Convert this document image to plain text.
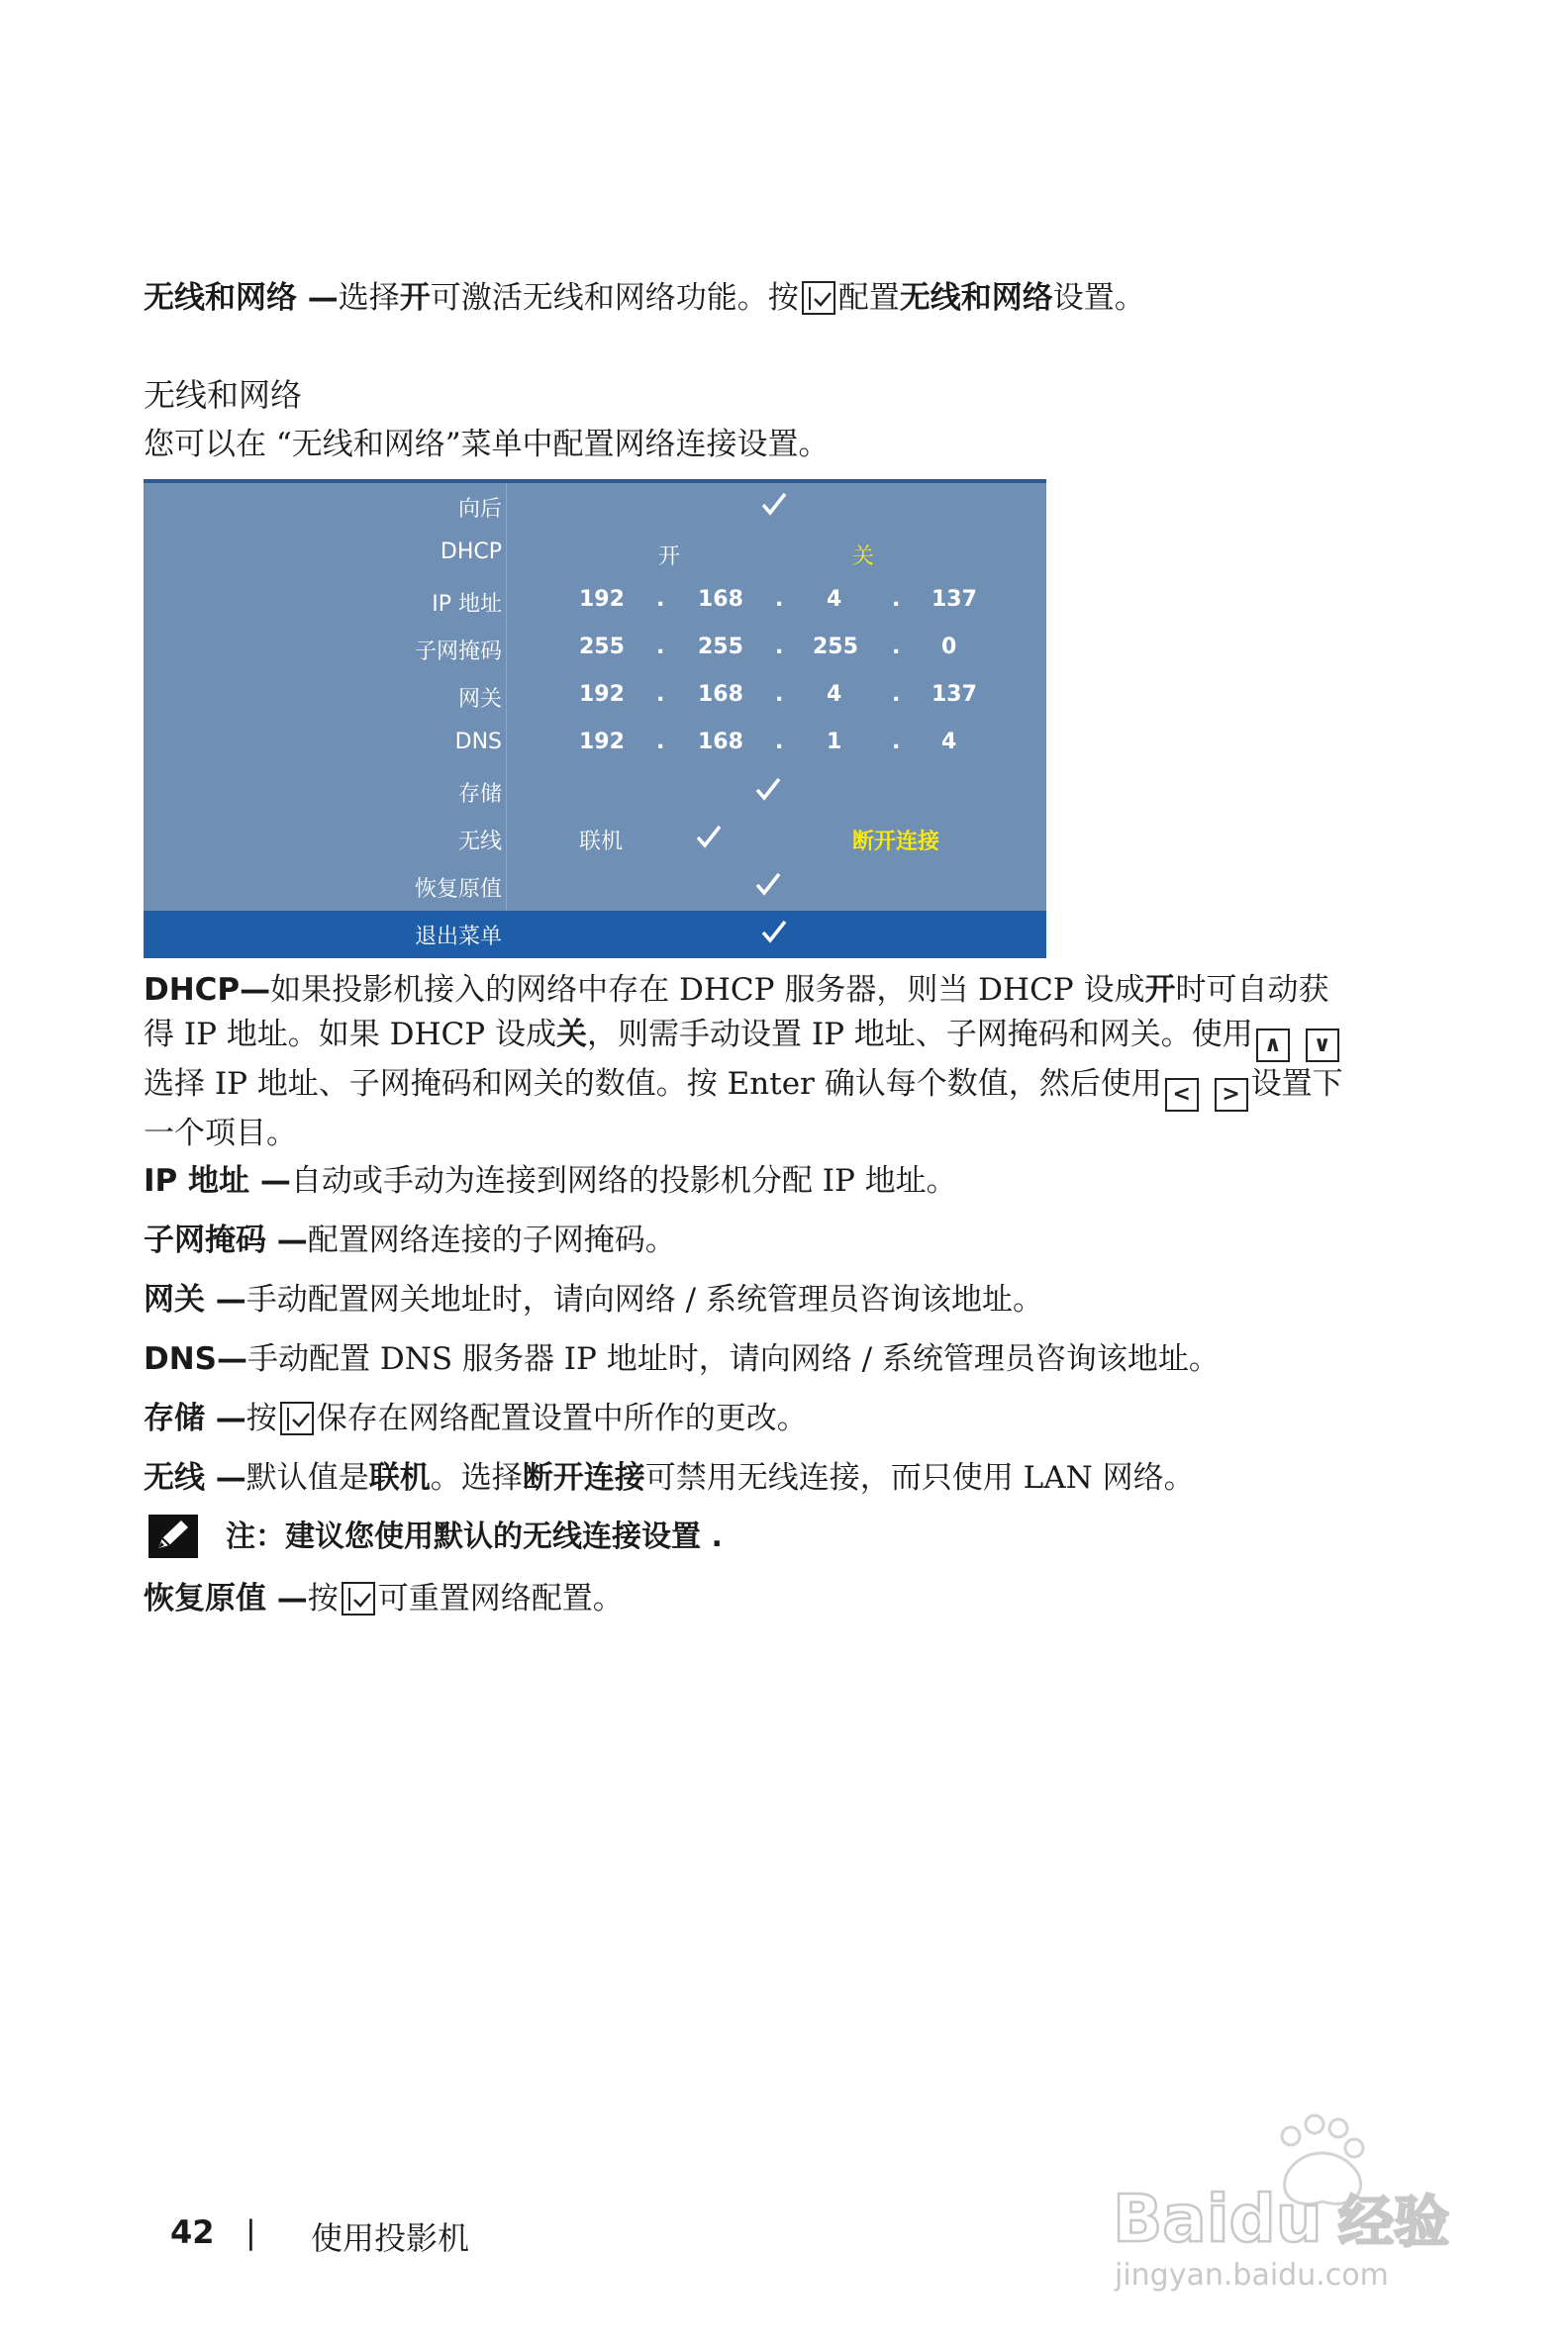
无线和网络 —选择开可激活无线和网络功能。按 配置无线和网络设置。

无线和网络

您可以在 “无线和网络”菜单中配置网络连接设置。

向后
DHCP	开	关
IP 地址	192 . 168 . 4 . 137
子网掩码	255 . 255 . 255 . 0
网关	192 . 168 . 4 . 137
DNS	192 . 168 . 1 . 4
存储
无线	联机	断开连接
恢复原值
退出菜单

DHCP—如果投影机接入的网络中存在 DHCP 服务器，则当 DHCP 设成开时可自动获得 IP 地址。如果 DHCP 设成关，则需手动设置 IP 地址、子网掩码和网关。使用 ∧ ∨选择 IP 地址、子网掩码和网关的数值。按 Enter 确认每个数值，然后使用 < > 设置下一个项目。

IP 地址 —自动或手动为连接到网络的投影机分配 IP 地址。

子网掩码 —配置网络连接的子网掩码。

网关 —手动配置网关地址时，请向网络 / 系统管理员咨询该地址。

DNS—手动配置 DNS 服务器 IP 地址时，请向网络 / 系统管理员咨询该地址。

存储 —按 保存在网络配置设置中所作的更改。

无线 —默认值是联机。选择断开连接可禁用无线连接，而只使用 LAN 网络。

注：建议您使用默认的无线连接设置 .

恢复原值 —按 可重置网络配置。

42 | 使用投影机	Baidu 经验
jingyan.baidu.com
